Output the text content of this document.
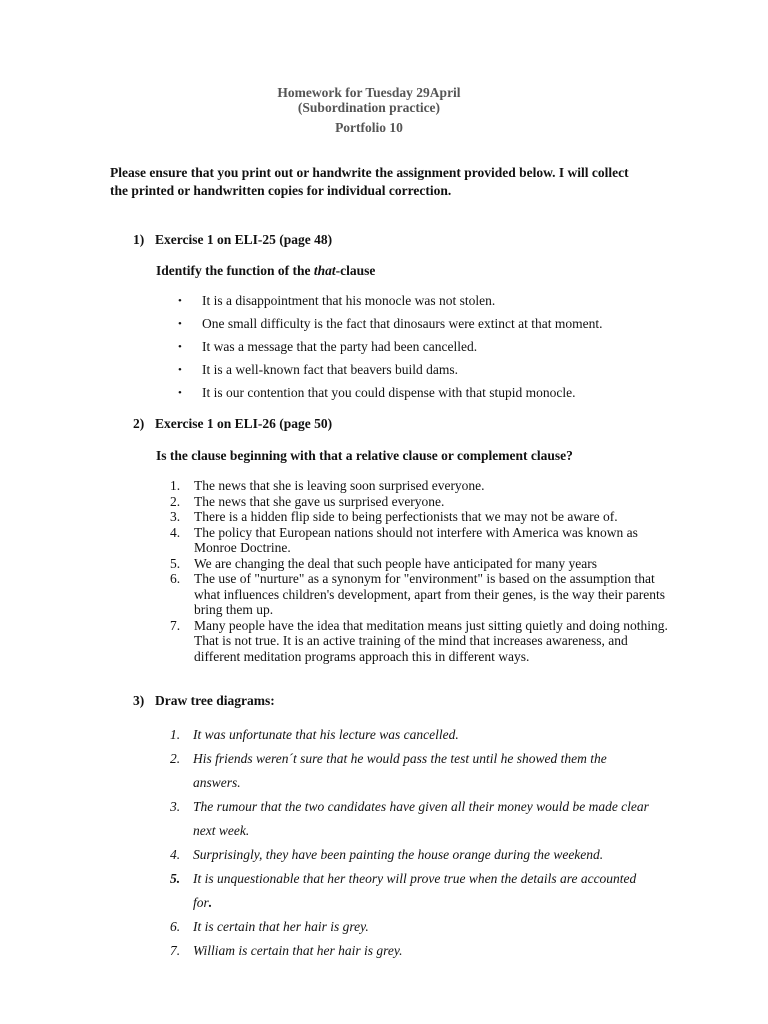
Homework for Tuesday 29April
(Subordination practice)
Portfolio 10
Please ensure that you print out or handwrite the assignment provided below. I will collect the printed or handwritten copies for individual correction.
1) Exercise 1 on ELI-25 (page 48)
Identify the function of the that-clause
• It is a disappointment that his monocle was not stolen.
• One small difficulty is the fact that dinosaurs were extinct at that moment.
• It was a message that the party had been cancelled.
• It is a well-known fact that beavers build dams.
• It is our contention that you could dispense with that stupid monocle.
2) Exercise 1 on ELI-26 (page 50)
Is the clause beginning with that a relative clause or complement clause?
1.	The news that she is leaving soon surprised everyone.
2.	The news that she gave us surprised everyone.
3.	There is a hidden flip side to being perfectionists that we may not be aware of.
4.	The policy that European nations should not interfere with America was known as Monroe Doctrine.
5.	We are changing the deal that such people have anticipated for many years
6.	The use of "nurture" as a synonym for "environment" is based on the assumption that what influences children's development, apart from their genes, is the way their parents bring them up.
7.	Many people have the idea that meditation means just sitting quietly and doing nothing. That is not true. It is an active training of the mind that increases awareness, and different meditation programs approach this in different ways.
3) Draw tree diagrams:
1. It was unfortunate that his lecture was cancelled.
2. His friends weren´t sure that he would pass the test until he showed them the answers.
3. The rumour that the two candidates have given all their money would be made clear next week.
4. Surprisingly, they have been painting the house orange during the weekend.
5. It is unquestionable that her theory will prove true when the details are accounted for.
6. It is certain that her hair is grey.
7. William is certain that her hair is grey.
